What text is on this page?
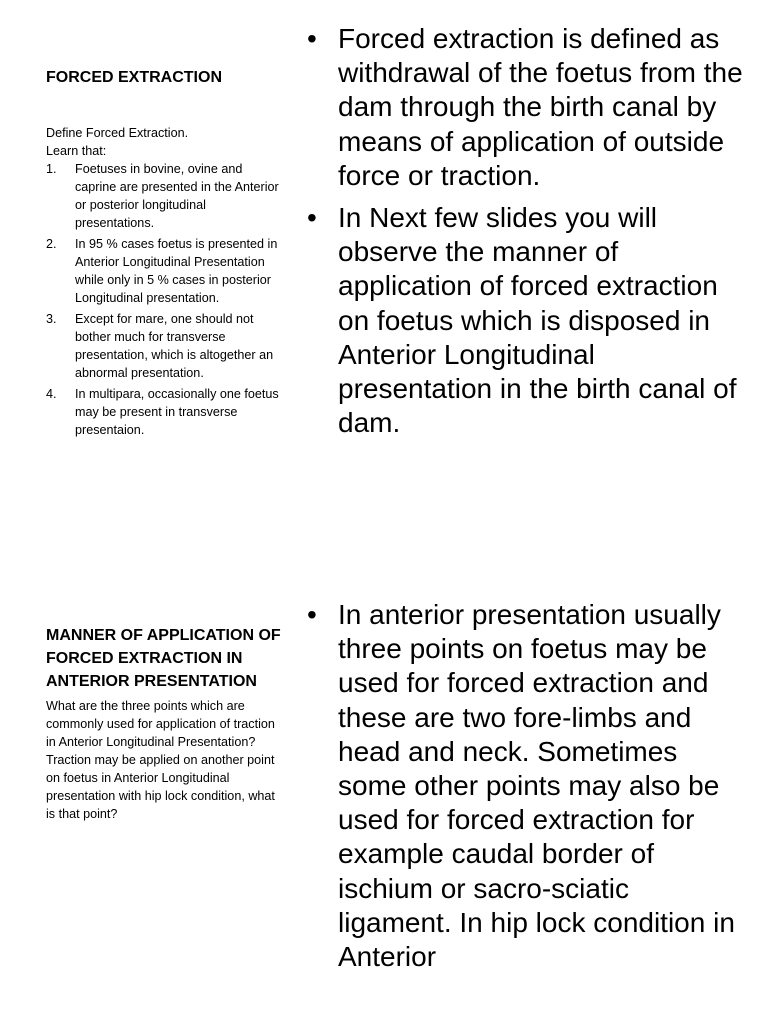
FORCED EXTRACTION

Define Forced Extraction.

Learn that:

1. Foetuses in bovine, ovine and caprine are presented in the Anterior or posterior longitudinal presentations.
2. In 95 % cases foetus is presented in Anterior Longitudinal Presentation while only in 5 % cases in posterior Longitudinal presentation.
3. Except for mare, one should not bother much for transverse presentation, which is altogether an abnormal presentation.
4. In multipara, occasionally one foetus may be present in transverse presentaion.
• Forced extraction is defined as withdrawal of the foetus from the dam through the birth canal by means of application of outside force or traction.
• In Next few slides you will observe the manner of application of forced extraction on foetus which is disposed in Anterior Longitudinal presentation in the birth canal of dam.

MANNER OF APPLICATION OF FORCED EXTRACTION IN ANTERIOR PRESENTATION

What are the three points which are commonly used for application of traction in Anterior Longitudinal Presentation?

Traction may be applied on another point on foetus in Anterior Longitudinal presentation with hip lock condition, what is that point?

• In anterior presentation usually three points on foetus may be used for forced extraction and these are two fore-limbs and head and neck. Sometimes some other points may also be used for forced extraction for example caudal border of ischium or sacro-sciatic ligament. In hip lock condition in Anterior
